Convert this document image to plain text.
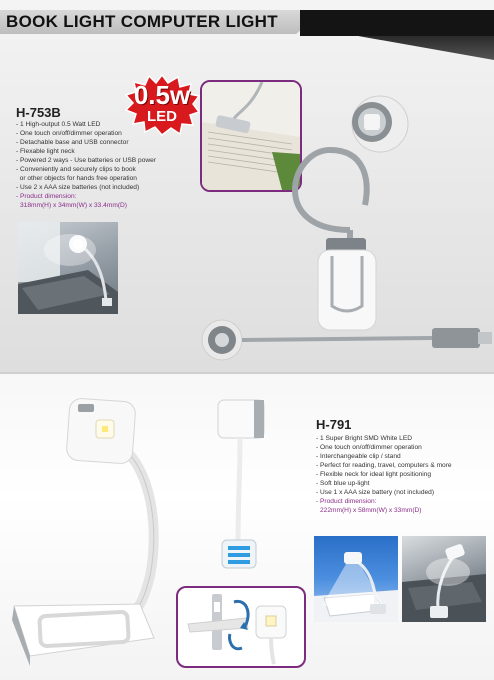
BOOK LIGHT COMPUTER LIGHT
0.5w
LED
H-753B
- 1 High-output 0.5 Watt LED
- One touch on/off/dimmer operation
- Detachable base and USB connector
- Flexable light neck
- Powered 2 ways - Use batteries or USB power
- Conveniently and securely clips to book
or other objects for hands free operation
- Use 2 x AAA size batteries (not included)
- Product dimension:
318mm(H) x 34mm(W) x 33.4mm(D)
H-791
- 1 Super Bright SMD White LED
- One touch on/off/dimmer operation
- Interchangeable clip / stand
- Perfect for reading, travel, computers & more
- Flexible neck for ideal light positioning
- Soft blue up-light
- Use 1 x AAA size battery (not included)
- Product dimension:
222mm(H) x 58mm(W) x 33mm(D)
